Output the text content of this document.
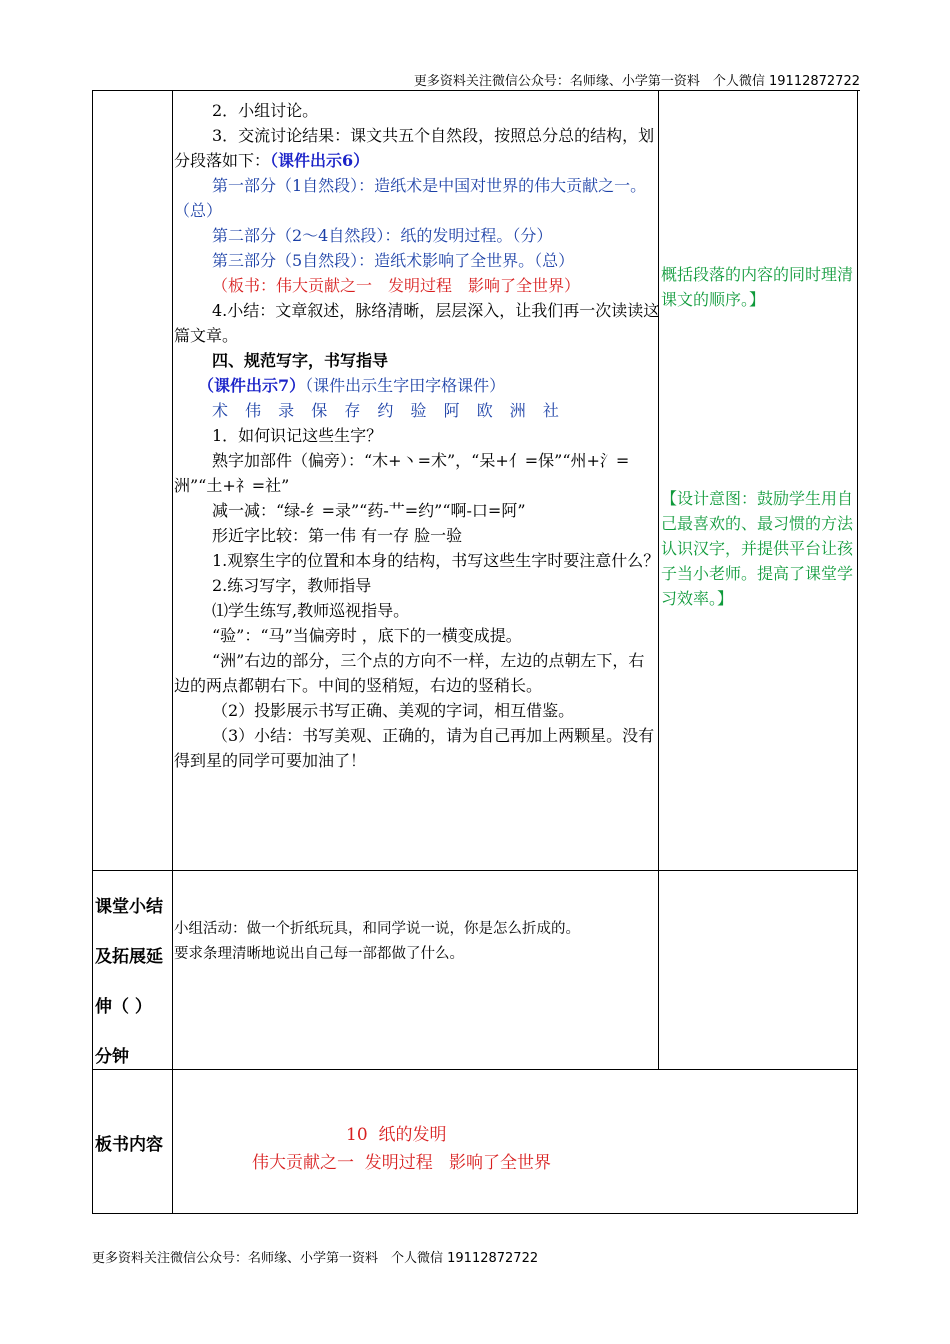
更多资料关注微信公众号：名师缘、小学第一资料　个人微信 19112872722

2．小组讨论。

3．交流讨论结果：课文共五个自然段，按照总分总的结构，划分段落如下：（课件出示6）

第一部分（1自然段）：造纸术是中国对世界的伟大贡献之一。（总）

第二部分（2～4自然段）：纸的发明过程。（分）

第三部分（5自然段）：造纸术影响了全世界。（总）

（板书：伟大贡献之一　发明过程　影响了全世界）

4.小结：文章叙述，脉络清晰，层层深入，让我们再一次读读这篇文章。

四、规范写字，书写指导

（课件出示7）（课件出示生字田字格课件）

术 伟 录 保 存 约 验 阿 欧 洲 社

1．如何识记这些生字？

熟字加部件（偏旁）：“木+丶=术”，“呆+亻=保”“州+氵=洲”“土+礻=社”

减一减：“绿-纟=录”“药-艹=约”“啊-口=阿”

形近字比较：第一伟 有一存 脸一验

1.观察生字的位置和本身的结构，书写这些生字时要注意什么？

2.练习写字，教师指导

⑴学生练写,教师巡视指导。

“验”：“马”当偏旁时 ，底下的一横变成提。

“洲”右边的部分，三个点的方向不一样，左边的点朝左下，右边的两点都朝右下。中间的竖稍短，右边的竖稍长。

（2）投影展示书写正确、美观的字词，相互借鉴。

（3）小结：书写美观、正确的，请为自己再加上两颗星。没有得到星的同学可要加油了！

概括段落的内容的同时理清课文的顺序。】

【设计意图：鼓励学生用自己最喜欢的、最习惯的方法认识汉字，并提供平台让孩子当小老师。提高了课堂学习效率。】

课堂小结

及拓展延

伸（ ）

分钟

板书内容

小组活动：做一个折纸玩具，和同学说一说，你是怎么折成的。

要求条理清晰地说出自己每一部都做了什么。

10  纸的发明

伟大贡献之一  发明过程   影响了全世界

更多资料关注微信公众号：名师缘、小学第一资料　个人微信 19112872722
